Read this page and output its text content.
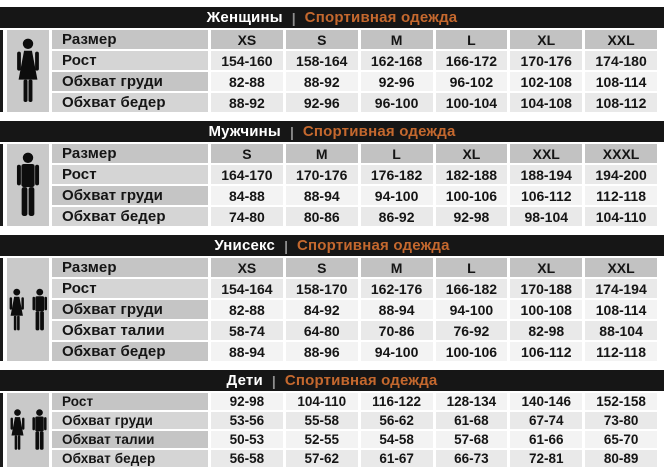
Женщины | Спортивная одежда
Размер	XS	S	M	L	XL	XXL
Рост	154-160	158-164	162-168	166-172	170-176	174-180
Обхват груди	82-88	88-92	92-96	96-102	102-108	108-114
Обхват бедер	88-92	92-96	96-100	100-104	104-108	108-112
Мужчины | Спортивная одежда
Размер	S	M	L	XL	XXL	XXXL
Рост	164-170	170-176	176-182	182-188	188-194	194-200
Обхват груди	84-88	88-94	94-100	100-106	106-112	112-118
Обхват бедер	74-80	80-86	86-92	92-98	98-104	104-110
Унисекс | Спортивная одежда
Размер	XS	S	M	L	XL	XXL
Рост	154-164	158-170	162-176	166-182	170-188	174-194
Обхват груди	82-88	84-92	88-94	94-100	100-108	108-114
Обхват талии	58-74	64-80	70-86	76-92	82-98	88-104
Обхват бедер	88-94	88-96	94-100	100-106	106-112	112-118
Дети | Спортивная одежда
Рост	92-98	104-110	116-122	128-134	140-146	152-158
Обхват груди	53-56	55-58	56-62	61-68	67-74	73-80
Обхват талии	50-53	52-55	54-58	57-68	61-66	65-70
Обхват бедер	56-58	57-62	61-67	66-73	72-81	80-89
